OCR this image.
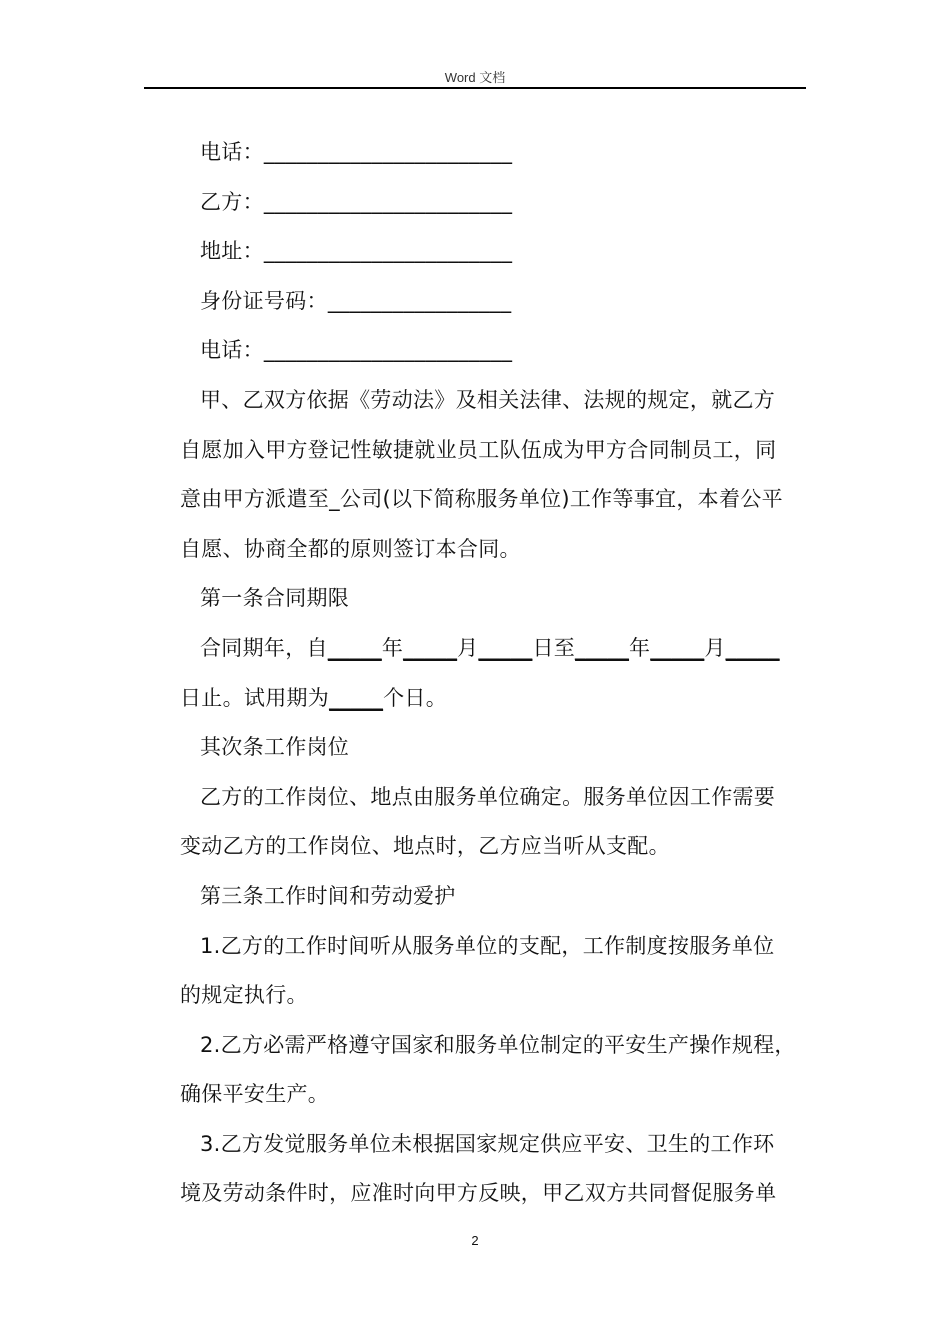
Word 文档
电话：_______________________
乙方：_______________________
地址：_______________________
身份证号码：_________________
电话：_______________________
甲、乙双方依据《劳动法》及相关法律、法规的规定，就乙方
自愿加入甲方登记性敏捷就业员工队伍成为甲方合同制员工，同
意由甲方派遣至_公司(以下简称服务单位)工作等事宜，本着公平
自愿、协商全都的原则签订本合同。
第一条合同期限
合同期年，自_____年_____月_____日至_____年_____月_____
日止。试用期为_____个日。
其次条工作岗位
乙方的工作岗位、地点由服务单位确定。服务单位因工作需要
变动乙方的工作岗位、地点时，乙方应当听从支配。
第三条工作时间和劳动爱护
1.乙方的工作时间听从服务单位的支配，工作制度按服务单位
的规定执行。
2.乙方必需严格遵守国家和服务单位制定的平安生产操作规程，
确保平安生产。
3.乙方发觉服务单位未根据国家规定供应平安、卫生的工作环
境及劳动条件时，应准时向甲方反映，甲乙双方共同督促服务单
2
